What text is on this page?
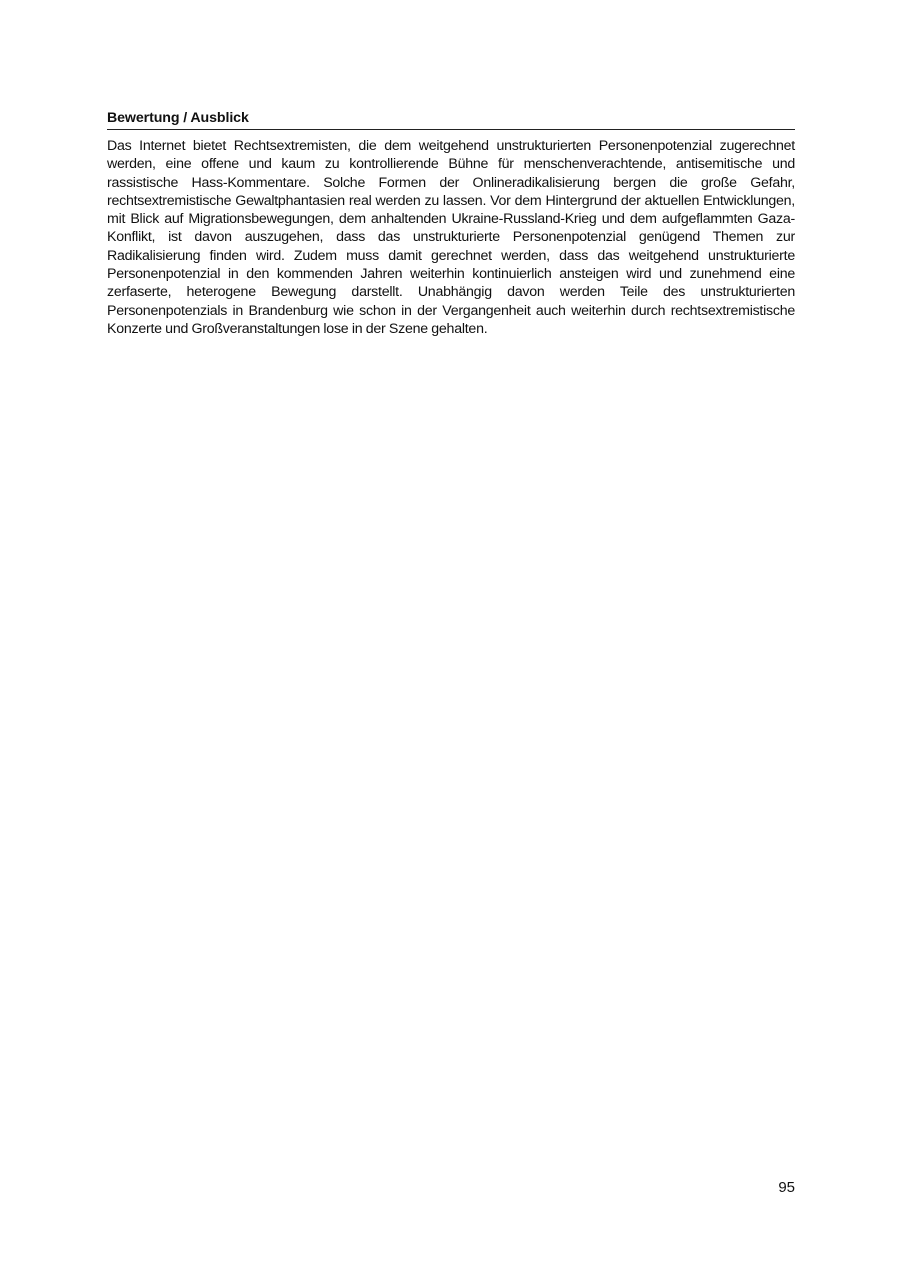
Bewertung / Ausblick

Das Internet bietet Rechtsextremisten, die dem weitgehend unstrukturierten Personenpotenzial zugerechnet werden, eine offene und kaum zu kontrollierende Bühne für menschenverachtende, antisemitische und rassistische Hass-Kommentare. Solche Formen der Onlineradikalisierung bergen die große Gefahr, rechtsextremistische Gewaltphantasien real werden zu lassen. Vor dem Hintergrund der aktuellen Entwicklungen, mit Blick auf Migrationsbewegungen, dem anhaltenden Ukraine-Russland-Krieg und dem aufgeflammten Gaza-Konflikt, ist davon auszugehen, dass das unstrukturierte Personenpotenzial genügend Themen zur Radikalisierung finden wird. Zudem muss damit gerechnet werden, dass das weitgehend unstrukturierte Personenpotenzial in den kommenden Jahren weiterhin kontinuierlich ansteigen wird und zunehmend eine zerfaserte, heterogene Bewegung darstellt. Unabhängig davon werden Teile des unstrukturierten Personenpotenzials in Brandenburg wie schon in der Vergangenheit auch weiterhin durch rechtsextremistische Konzerte und Großveranstaltungen lose in der Szene gehalten.

95
